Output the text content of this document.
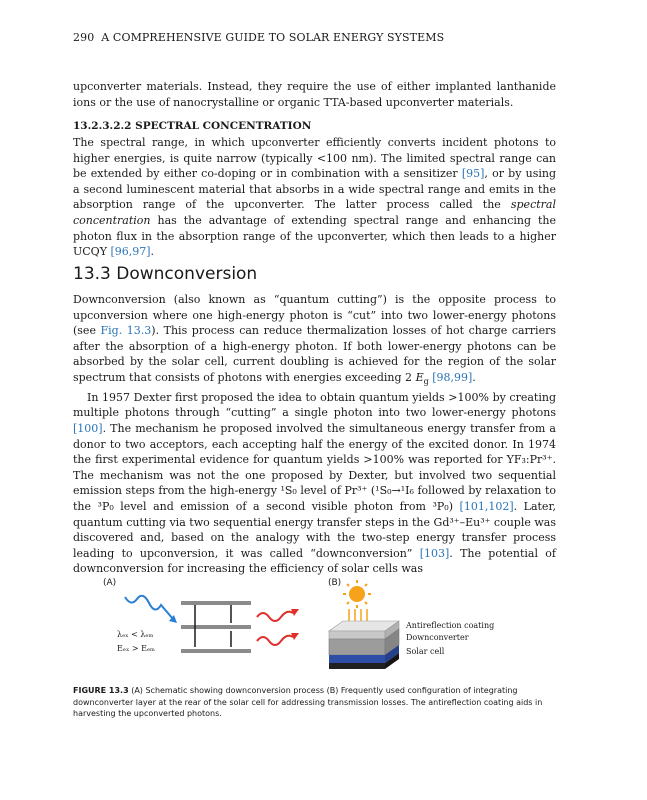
290 A COMPREHENSIVE GUIDE TO SOLAR ENERGY SYSTEMS

upconverter materials. Instead, they require the use of either implanted lanthanide ions or the use of nanocrystalline or organic TTA-based upconverter materials.

13.2.3.2.2 SPECTRAL CONCENTRATION

The spectral range, in which upconverter efficiently converts incident photons to higher energies, is quite narrow (typically <100 nm). The limited spectral range can be extended by either co-doping or in combination with a sensitizer [95], or by using a second luminescent material that absorbs in a wide spectral range and emits in the absorption range of the upconverter. The latter process called the spectral concentration has the advantage of extending spectral range and enhancing the photon flux in the absorption range of the upconverter, which then leads to a higher UCQY [96,97].

13.3 Downconversion

Downconversion (also known as “quantum cutting”) is the opposite process to upconversion where one high-energy photon is “cut” into two lower-energy photons (see Fig. 13.3). This process can reduce thermalization losses of hot charge carriers after the absorption of a high-energy photon. If both lower-energy photons can be absorbed by the solar cell, current doubling is achieved for the region of the solar spectrum that consists of photons with energies exceeding 2 $E_g$ [98,99].
In 1957 Dexter first proposed the idea to obtain quantum yields >100% by creating multiple photons through “cutting” a single photon into two lower-energy photons [100]. The mechanism he proposed involved the simultaneous energy transfer from a donor to two acceptors, each accepting half the energy of the excited donor. In 1974 the first experimental evidence for quantum yields >100% was reported for YF₃:Pr³⁺. The mechanism was not the one proposed by Dexter, but involved two sequential emission steps from the high-energy ¹S₀ level of Pr³⁺ (¹S₀→¹I₆ followed by relaxation to the ³P₀ level and emission of a second visible photon from ³P₀) [101,102]. Later, quantum cutting via two sequential energy transfer steps in the Gd³⁺–Eu³⁺ couple was discovered and, based on the analogy with the two-step energy transfer process leading to upconversion, it was called “downconversion” [103]. The potential of downconversion for increasing the efficiency of solar cells was

(A)	(B)
λₑₓ < λₑₘ
Eₑₓ > Eₑₘ
Antireflection coating
Downconverter
Solar cell

FIGURE 13.3 (A) Schematic showing downconversion process (B) Frequently used configuration of integrating downconverter layer at the rear of the solar cell for addressing transmission losses. The antireflection coating aids in harvesting the upconverted photons.
